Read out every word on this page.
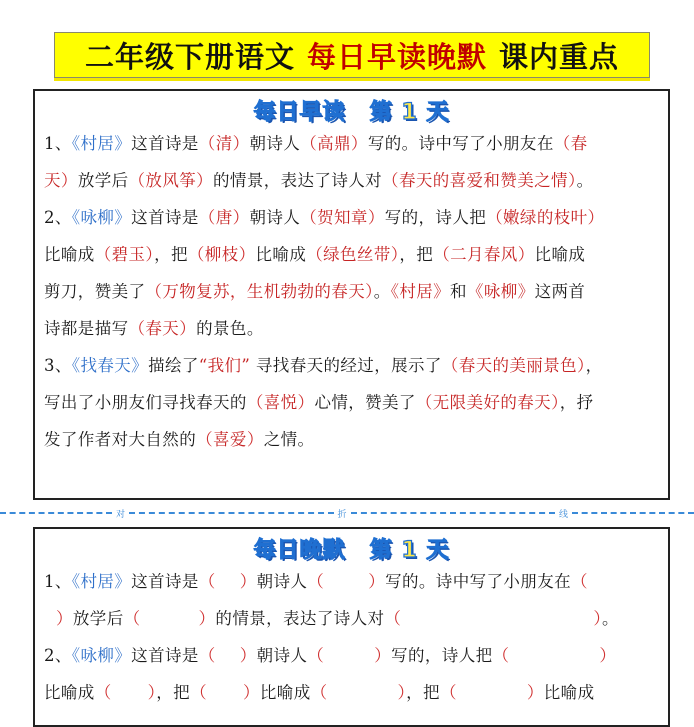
二年级下册语文 每日早读晚默 课内重点
每日早读 第 1 天
1、《村居》这首诗是（清）朝诗人（高鼎）写的。诗中写了小朋友在（春
天）放学后（放风筝）的情景，表达了诗人对（春天的喜爱和赞美之情）。
2、《咏柳》这首诗是（唐）朝诗人（贺知章）写的，诗人把（嫩绿的枝叶）
比喻成（碧玉），把（柳枝）比喻成（绿色丝带），把（二月春风）比喻成
剪刀，赞美了（万物复苏，生机勃勃的春天）。《村居》和《咏柳》这两首
诗都是描写（春天）的景色。
3、《找春天》描绘了“我们” 寻找春天的经过，展示了（春天的美丽景色），
写出了小朋友们寻找春天的（喜悦）心情，赞美了（无限美好的春天），抒
发了作者对大自然的（喜爱）之情。
对	折	线
每日晚默 第 1 天
1、《村居》这首诗是（ ）朝诗人（	）写的。诗中写了小朋友在（
）放学后（	）的情景，表达了诗人对（	）。
2、《咏柳》这首诗是（ ）朝诗人（	）写的，诗人把（	）
比喻成（ ），把（ ）比喻成（	），把（	）比喻成
